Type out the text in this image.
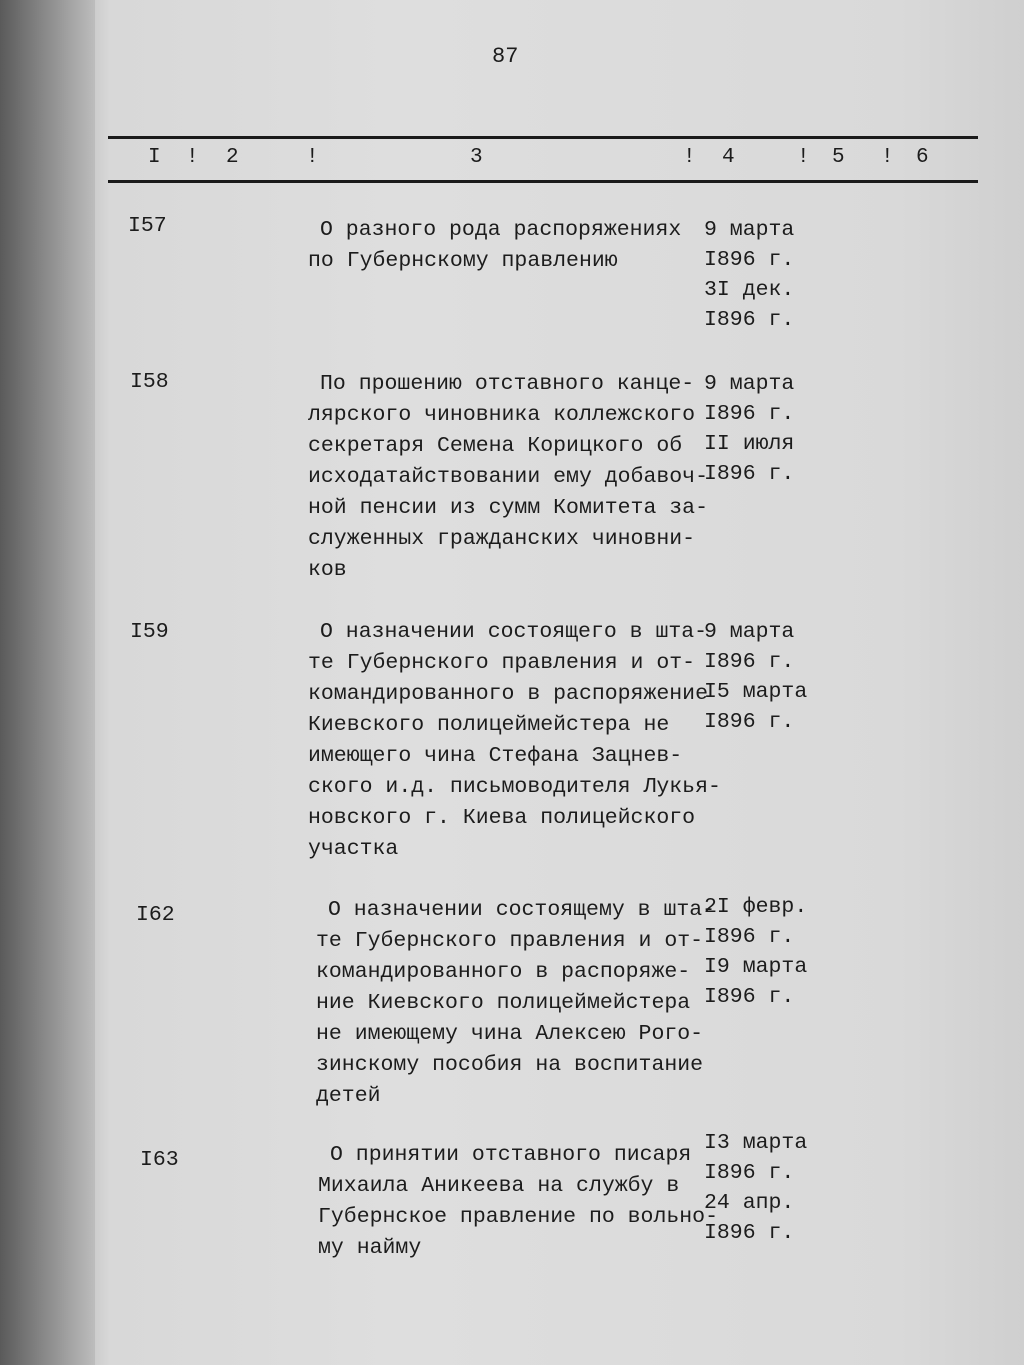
87
I ! 2	!	3	! 4	! 5 ! 6
I57	О разного рода распоряжениях
по Губернскому правлению
9 марта
I896 г.
3I дек.
I896 г.
I58	По прошению отставного канце-
лярского чиновника коллежского
секретаря Семена Корицкого об
исходатайствовании ему добавоч-
ной пенсии из сумм Комитета за-
служенных гражданских чиновни-
ков
9 марта
I896 г.
II июля
I896 г.
I59	О назначении состоящего в шта-
те Губернского правления и от-
командированного в распоряжение
Киевского полицеймейстера не
имеющего чина Стефана Зацнев-
ского и.д. письмоводителя Лукья-
новского г. Киева полицейского
участка
9 марта
I896 г.
I5 марта
I896 г.
I62	О назначении состоящему в шта-
те Губернского правления и от-
командированного в распоряже-
ние Киевского полицеймейстера
не имеющему чина Алексею Рого-
зинскому пособия на воспитание
детей
2I февр.
I896 г.
I9 марта
I896 г.
I63	О принятии отставного писаря
Михаила Аникеева на службу в
Губернское правление по вольно-
му найму
I3 марта
I896 г.
24 апр.
I896 г.
